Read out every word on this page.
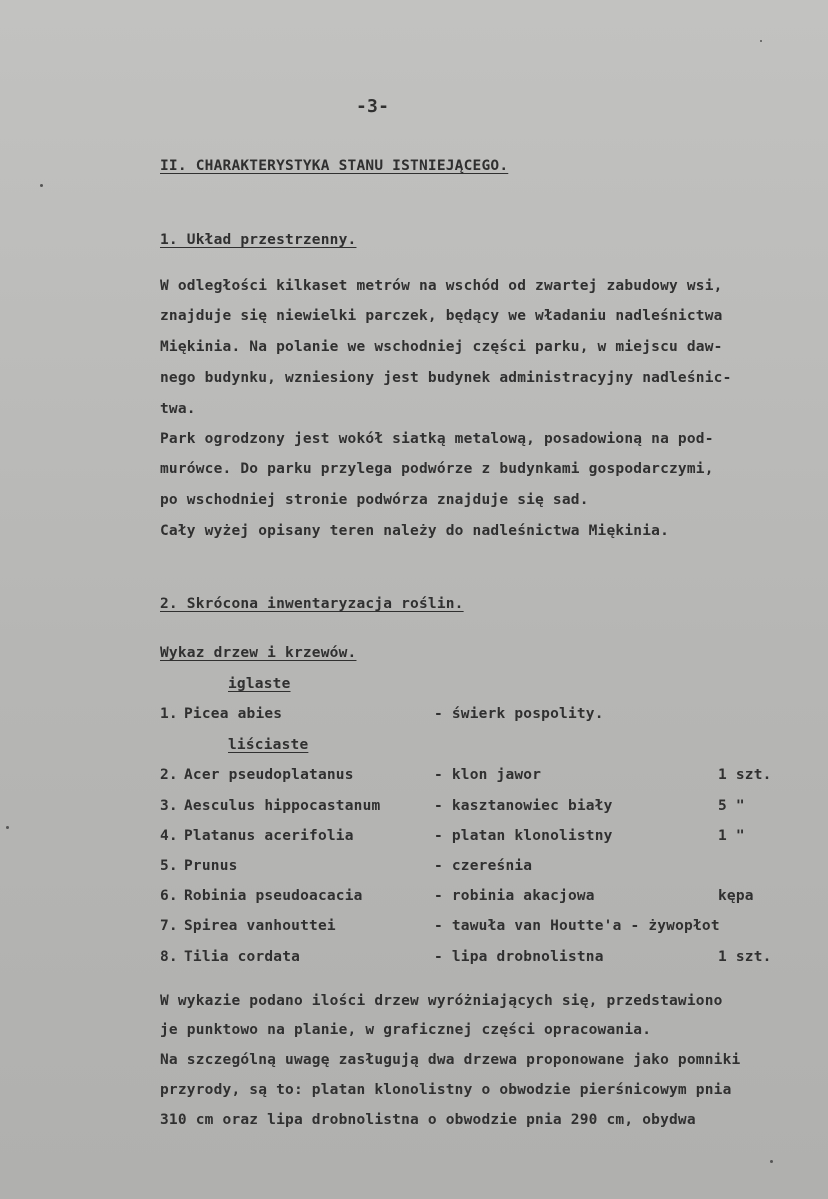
-3-
II. CHARAKTERYSTYKA STANU ISTNIEJĄCEGO.
1. Układ przestrzenny.
W odległości kilkaset metrów na wschód od zwartej zabudowy wsi,
znajduje się niewielki parczek, będący we władaniu nadleśnictwa
Miękinia. Na polanie we wschodniej części parku, w miejscu daw-
nego budynku, wzniesiony jest budynek administracyjny nadleśnic-
twa.
Park ogrodzony jest wokół siatką metalową, posadowioną na pod-
murówce. Do parku przylega podwórze z budynkami gospodarczymi,
po wschodniej stronie podwórza znajduje się sad.
Cały wyżej opisany teren należy do nadleśnictwa Miękinia.
2. Skrócona inwentaryzacja roślin.
Wykaz drzew i krzewów.
iglaste
1. Picea abies	- świerk pospolity.
liściaste
2. Acer pseudoplatanus	- klon jawor	1 szt.
3. Aesculus hippocastanum	- kasztanowiec biały	5 "
4. Platanus acerifolia	- platan klonolistny	1 "
5. Prunus	- czereśnia
6. Robinia pseudoacacia	- robinia akacjowa	kępa
7. Spirea vanhouttei	- tawuła van Houtte'a - żywopłot
8. Tilia cordata	- lipa drobnolistna	1 szt.
W wykazie podano ilości drzew wyróżniających się, przedstawiono
je punktowo na planie, w graficznej części opracowania.
Na szczególną uwagę zasługują dwa drzewa proponowane jako pomniki
przyrody, są to: platan klonolistny o obwodzie pierśnicowym pnia
310 cm oraz lipa drobnolistna o obwodzie pnia 290 cm, obydwa
